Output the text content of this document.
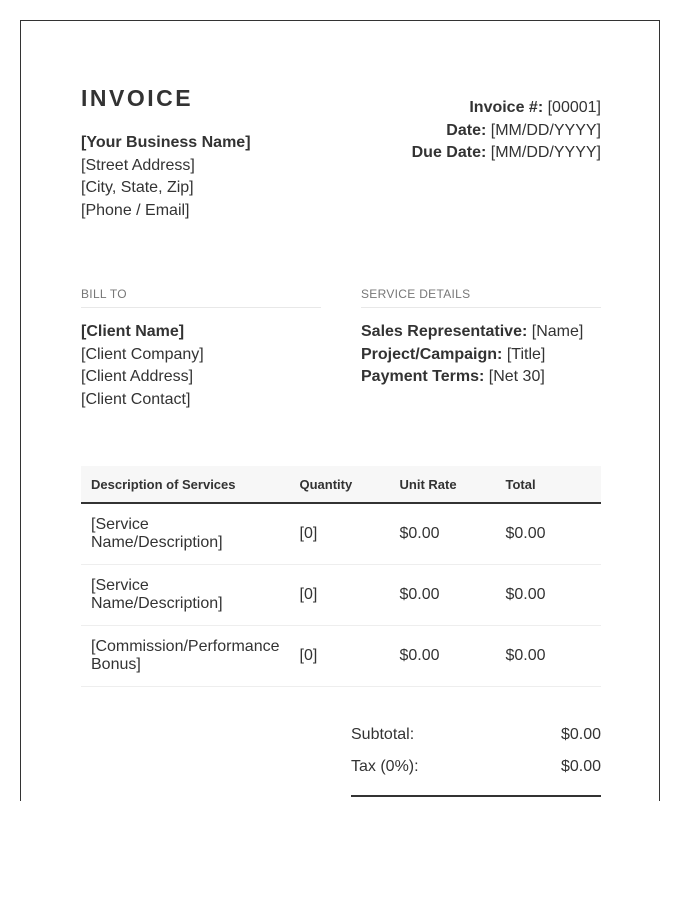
INVOICE
[Your Business Name]
[Street Address]
[City, State, Zip]
[Phone / Email]
Invoice #: [00001]
Date: [MM/DD/YYYY]
Due Date: [MM/DD/YYYY]
BILL TO	SERVICE DETAILS
[Client Name]
[Client Company]
[Client Address]
[Client Contact]
Sales Representative: [Name]
Project/Campaign: [Title]
Payment Terms: [Net 30]
Description of Services	Quantity	Unit Rate	Total
[Service Name/Description]	[0]	$0.00	$0.00
[Service Name/Description]	[0]	$0.00	$0.00
[Commission/Performance Bonus]	[0]	$0.00	$0.00
Subtotal:	$0.00
Tax (0%):	$0.00
